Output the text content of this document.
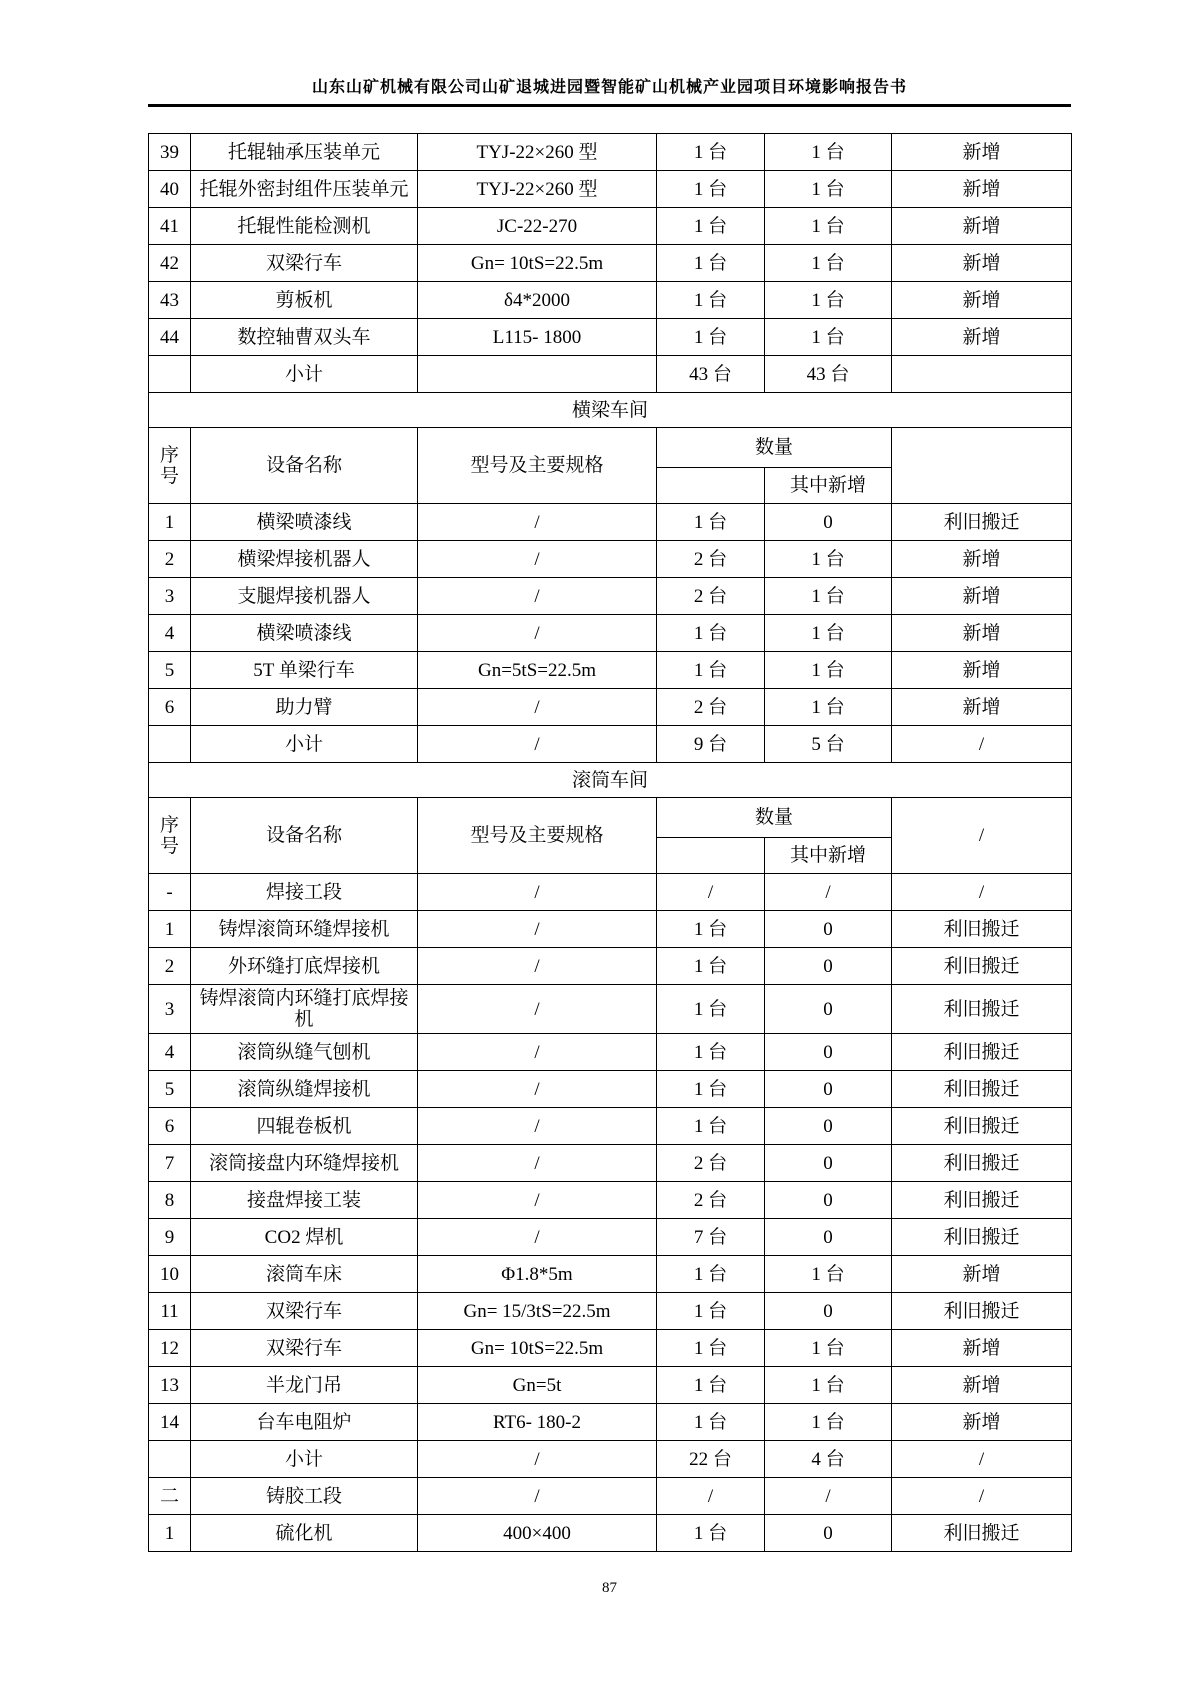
山东山矿机械有限公司山矿退城进园暨智能矿山机械产业园项目环境影响报告书
39	托辊轴承压装单元	TYJ-22×260 型	1 台	1 台	新增
40	托辊外密封组件压装单元	TYJ-22×260 型	1 台	1 台	新增
41	托辊性能检测机	JC-22-270	1 台	1 台	新增
42	双梁行车	Gn= 10tS=22.5m	1 台	1 台	新增
43	剪板机	δ4*2000	1 台	1 台	新增
44	数控轴曹双头车	L115- 1800	1 台	1 台	新增
	小计		43 台	43 台	
横梁车间					
序号	设备名称	型号及主要规格	数量		
				其中新增	
1	横梁喷漆线	/	1 台	0	利旧搬迁
2	横梁焊接机器人	/	2 台	1 台	新增
3	支腿焊接机器人	/	2 台	1 台	新增
4	横梁喷漆线	/	1 台	1 台	新增
5	5T 单梁行车	Gn=5tS=22.5m	1 台	1 台	新增
6	助力臂	/	2 台	1 台	新增
	小计	/	9 台	5 台	/
滚筒车间					
序号	设备名称	型号及主要规格	数量		/
				其中新增	
-	焊接工段	/	/	/	/
1	铸焊滚筒环缝焊接机	/	1 台	0	利旧搬迁
2	外环缝打底焊接机	/	1 台	0	利旧搬迁
3	铸焊滚筒内环缝打底焊接机	/	1 台	0	利旧搬迁
4	滚筒纵缝气刨机	/	1 台	0	利旧搬迁
5	滚筒纵缝焊接机	/	1 台	0	利旧搬迁
6	四辊卷板机	/	1 台	0	利旧搬迁
7	滚筒接盘内环缝焊接机	/	2 台	0	利旧搬迁
8	接盘焊接工装	/	2 台	0	利旧搬迁
9	CO2 焊机	/	7 台	0	利旧搬迁
10	滚筒车床	Φ1.8*5m	1 台	1 台	新增
11	双梁行车	Gn= 15/3tS=22.5m	1 台	0	利旧搬迁
12	双梁行车	Gn= 10tS=22.5m	1 台	1 台	新增
13	半龙门吊	Gn=5t	1 台	1 台	新增
14	台车电阻炉	RT6- 180-2	1 台	1 台	新增
	小计	/	22 台	4 台	/
二	铸胶工段	/	/	/	/
1	硫化机	400×400	1 台	0	利旧搬迁
87
